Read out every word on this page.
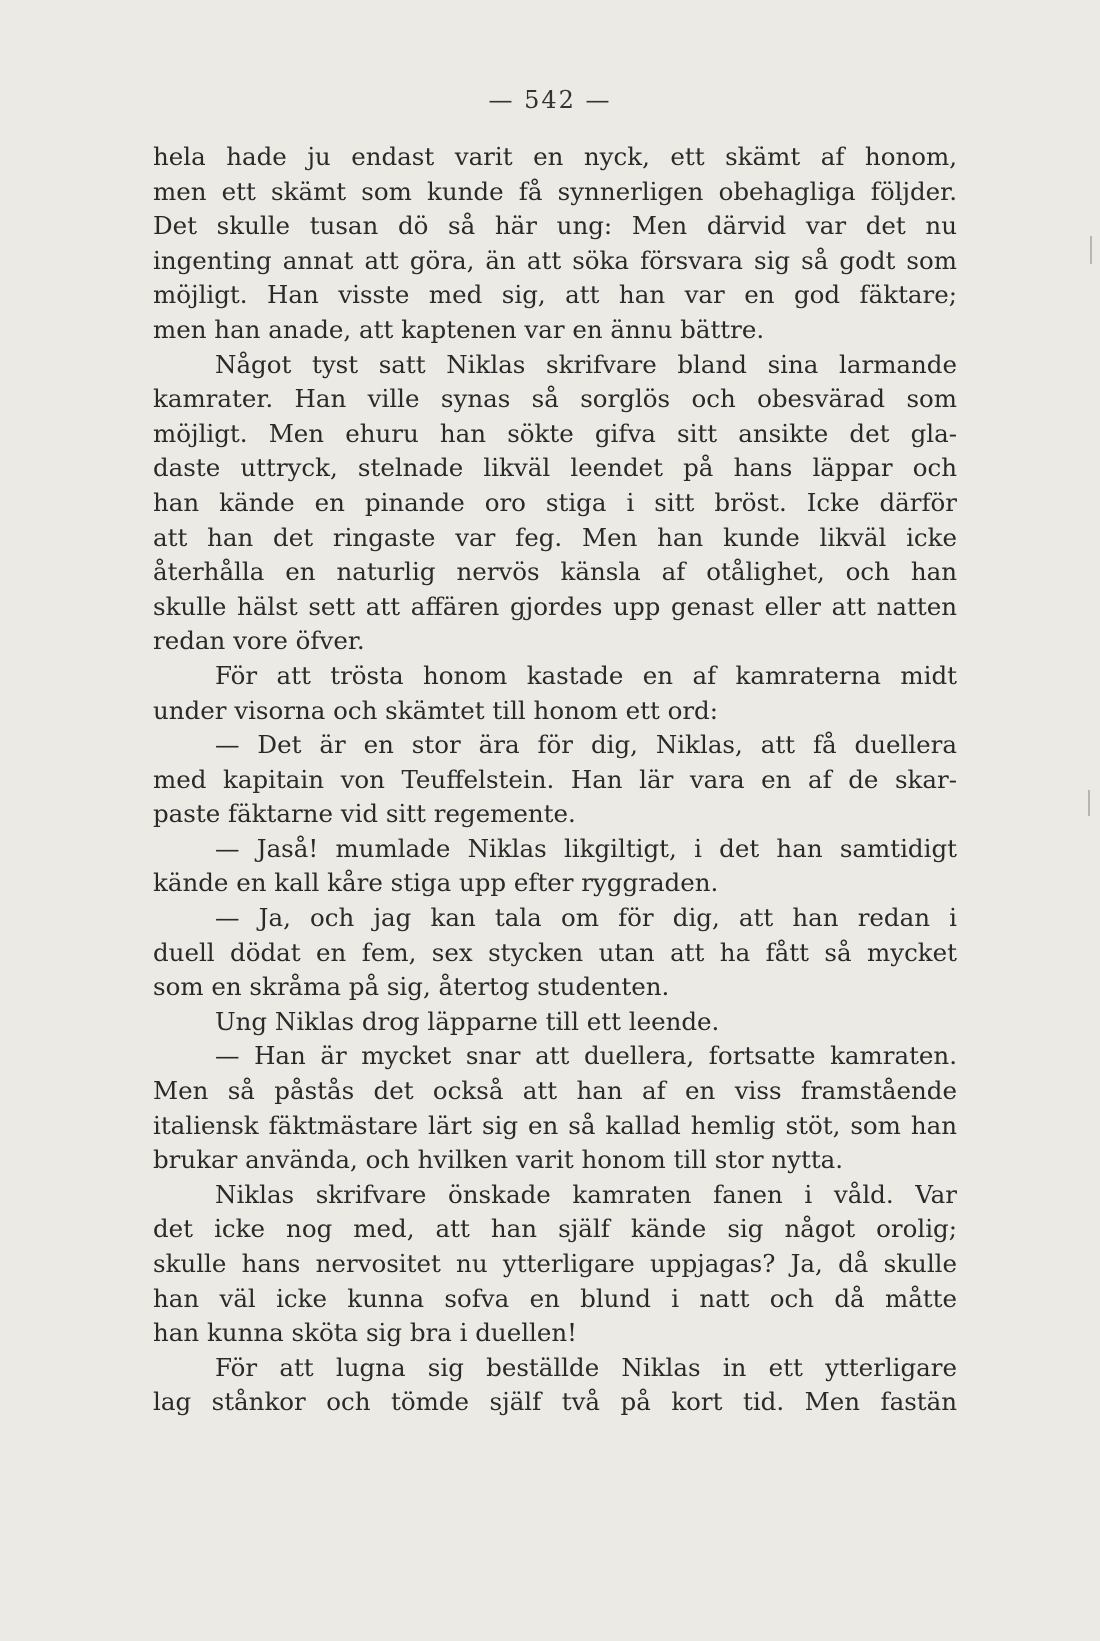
— 542 —
hela hade ju endast varit en nyck, ett skämt af honom,
men ett skämt som kunde få synnerligen obehagliga följder.
Det skulle tusan dö så här ung: Men därvid var det nu
ingenting annat att göra, än att söka försvara sig så godt som
möjligt. Han visste med sig, att han var en god fäktare;
men han anade, att kaptenen var en ännu bättre.
Något tyst satt Niklas skrifvare bland sina larmande
kamrater. Han ville synas så sorglös och obesvärad som
möjligt. Men ehuru han sökte gifva sitt ansikte det gla-
daste uttryck, stelnade likväl leendet på hans läppar och
han kände en pinande oro stiga i sitt bröst. Icke därför
att han det ringaste var feg. Men han kunde likväl icke
återhålla en naturlig nervös känsla af otålighet, och han
skulle hälst sett att affären gjordes upp genast eller att natten
redan vore öfver.
För att trösta honom kastade en af kamraterna midt
under visorna och skämtet till honom ett ord:
— Det är en stor ära för dig, Niklas, att få duellera
med kapitain von Teuffelstein. Han lär vara en af de skar-
paste fäktarne vid sitt regemente.
— Jaså! mumlade Niklas likgiltigt, i det han samtidigt
kände en kall kåre stiga upp efter ryggraden.
— Ja, och jag kan tala om för dig, att han redan i
duell dödat en fem, sex stycken utan att ha fått så mycket
som en skråma på sig, återtog studenten.
Ung Niklas drog läpparne till ett leende.
— Han är mycket snar att duellera, fortsatte kamraten.
Men så påstås det också att han af en viss framstående
italiensk fäktmästare lärt sig en så kallad hemlig stöt, som han
brukar använda, och hvilken varit honom till stor nytta.
Niklas skrifvare önskade kamraten fanen i våld. Var
det icke nog med, att han själf kände sig något orolig;
skulle hans nervositet nu ytterligare uppjagas? Ja, då skulle
han väl icke kunna sofva en blund i natt och då måtte
han kunna sköta sig bra i duellen!
För att lugna sig beställde Niklas in ett ytterligare
lag stånkor och tömde själf två på kort tid. Men fastän
